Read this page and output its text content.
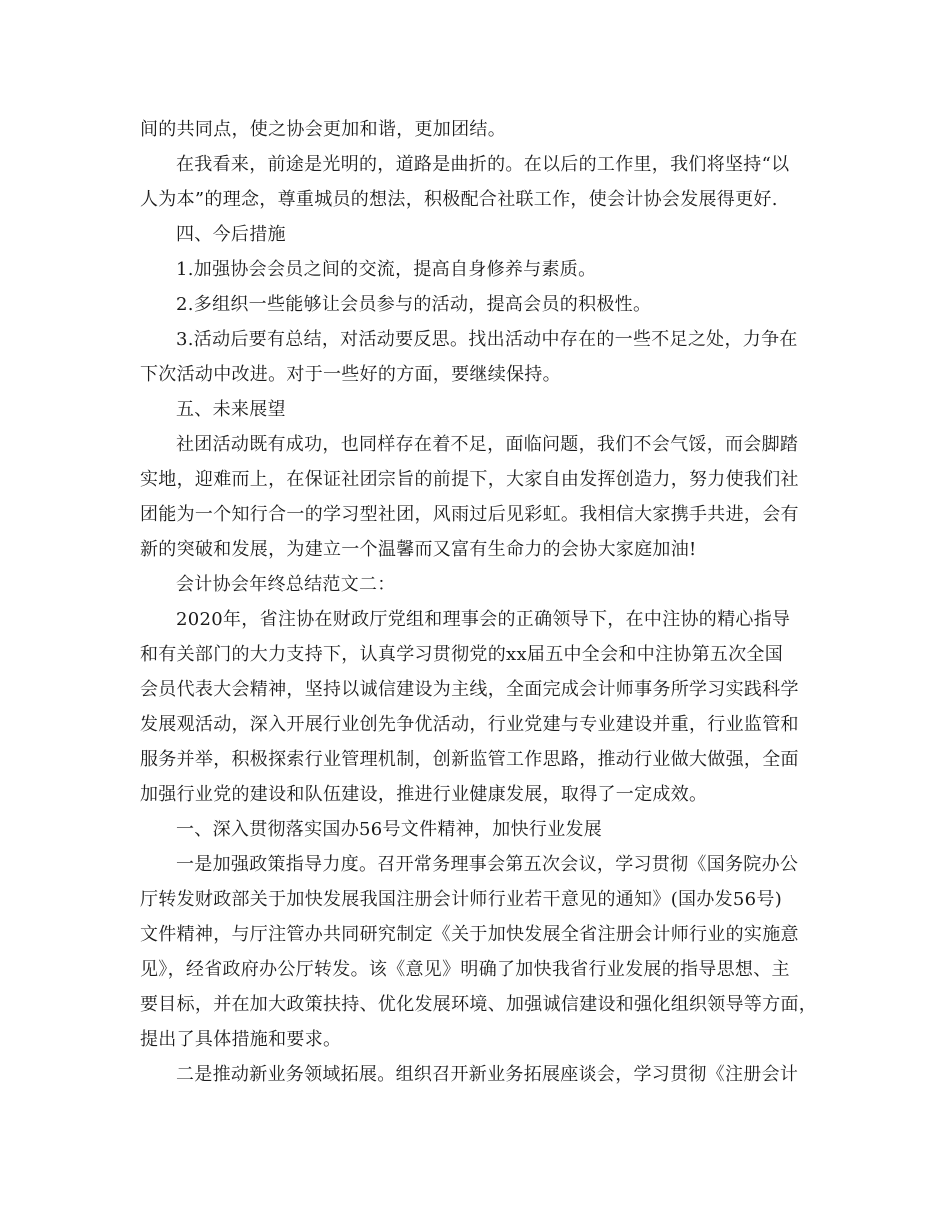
间的共同点，使之协会更加和谐，更加团结。
在我看来，前途是光明的，道路是曲折的。在以后的工作里，我们将坚持“以
人为本”的理念，尊重城员的想法，积极配合社联工作，使会计协会发展得更好.
四、今后措施
1.加强协会会员之间的交流，提高自身修养与素质。
2.多组织一些能够让会员参与的活动，提高会员的积极性。
3.活动后要有总结，对活动要反思。找出活动中存在的一些不足之处，力争在
下次活动中改进。对于一些好的方面，要继续保持。
五、未来展望
社团活动既有成功，也同样存在着不足，面临问题，我们不会气馁，而会脚踏
实地，迎难而上，在保证社团宗旨的前提下，大家自由发挥创造力，努力使我们社
团能为一个知行合一的学习型社团，风雨过后见彩虹。我相信大家携手共进，会有
新的突破和发展，为建立一个温馨而又富有生命力的会协大家庭加油!
会计协会年终总结范文二：
2020年，省注协在财政厅党组和理事会的正确领导下，在中注协的精心指导
和有关部门的大力支持下，认真学习贯彻党的xx届五中全会和中注协第五次全国
会员代表大会精神，坚持以诚信建设为主线，全面完成会计师事务所学习实践科学
发展观活动，深入开展行业创先争优活动，行业党建与专业建设并重，行业监管和
服务并举，积极探索行业管理机制，创新监管工作思路，推动行业做大做强，全面
加强行业党的建设和队伍建设，推进行业健康发展，取得了一定成效。
一、深入贯彻落实国办56号文件精神，加快行业发展
一是加强政策指导力度。召开常务理事会第五次会议，学习贯彻《国务院办公
厅转发财政部关于加快发展我国注册会计师行业若干意见的通知》(国办发56号)
文件精神，与厅注管办共同研究制定《关于加快发展全省注册会计师行业的实施意
见》，经省政府办公厅转发。该《意见》明确了加快我省行业发展的指导思想、主
要目标，并在加大政策扶持、优化发展环境、加强诚信建设和强化组织领导等方面，
提出了具体措施和要求。
二是推动新业务领域拓展。组织召开新业务拓展座谈会，学习贯彻《注册会计
